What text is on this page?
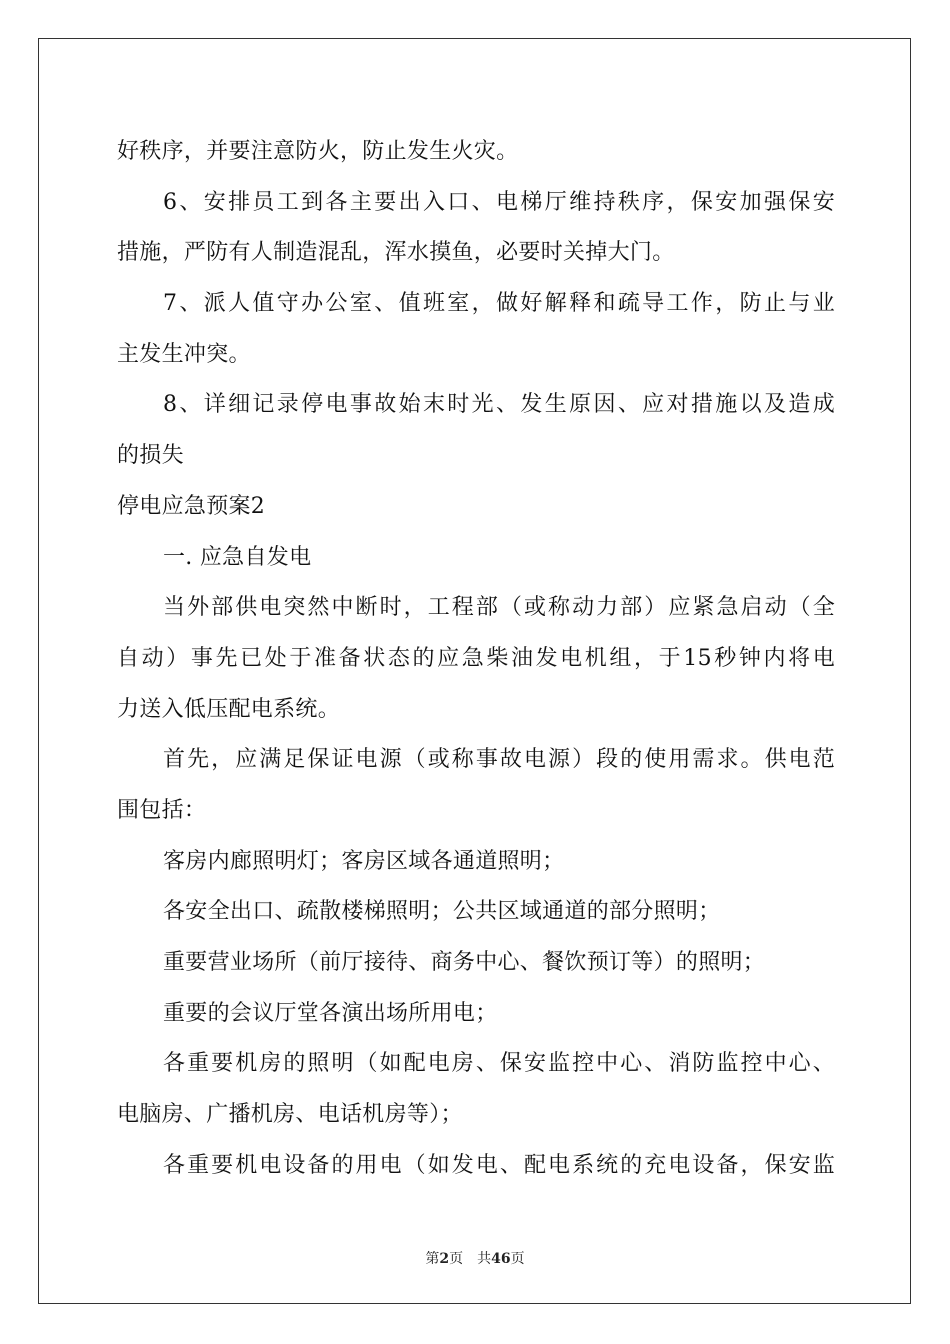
好秩序，并要注意防火，防止发生火灾。
6、安排员工到各主要出入口、电梯厅维持秩序，保安加强保安
措施，严防有人制造混乱，浑水摸鱼，必要时关掉大门。
7、派人值守办公室、值班室，做好解释和疏导工作，防止与业
主发生冲突。
8、详细记录停电事故始末时光、发生原因、应对措施以及造成
的损失
停电应急预案2
一. 应急自发电
当外部供电突然中断时，工程部（或称动力部）应紧急启动（全
自动）事先已处于准备状态的应急柴油发电机组，于15秒钟内将电
力送入低压配电系统。
首先，应满足保证电源（或称事故电源）段的使用需求。供电范
围包括：
客房内廊照明灯；客房区域各通道照明；
各安全出口、疏散楼梯照明；公共区域通道的部分照明；
重要营业场所（前厅接待、商务中心、餐饮预订等）的照明；
重要的会议厅堂各演出场所用电；
各重要机房的照明（如配电房、保安监控中心、消防监控中心、
电脑房、广播机房、电话机房等）；
各重要机电设备的用电（如发电、配电系统的充电设备，保安监
第2页 共46页
